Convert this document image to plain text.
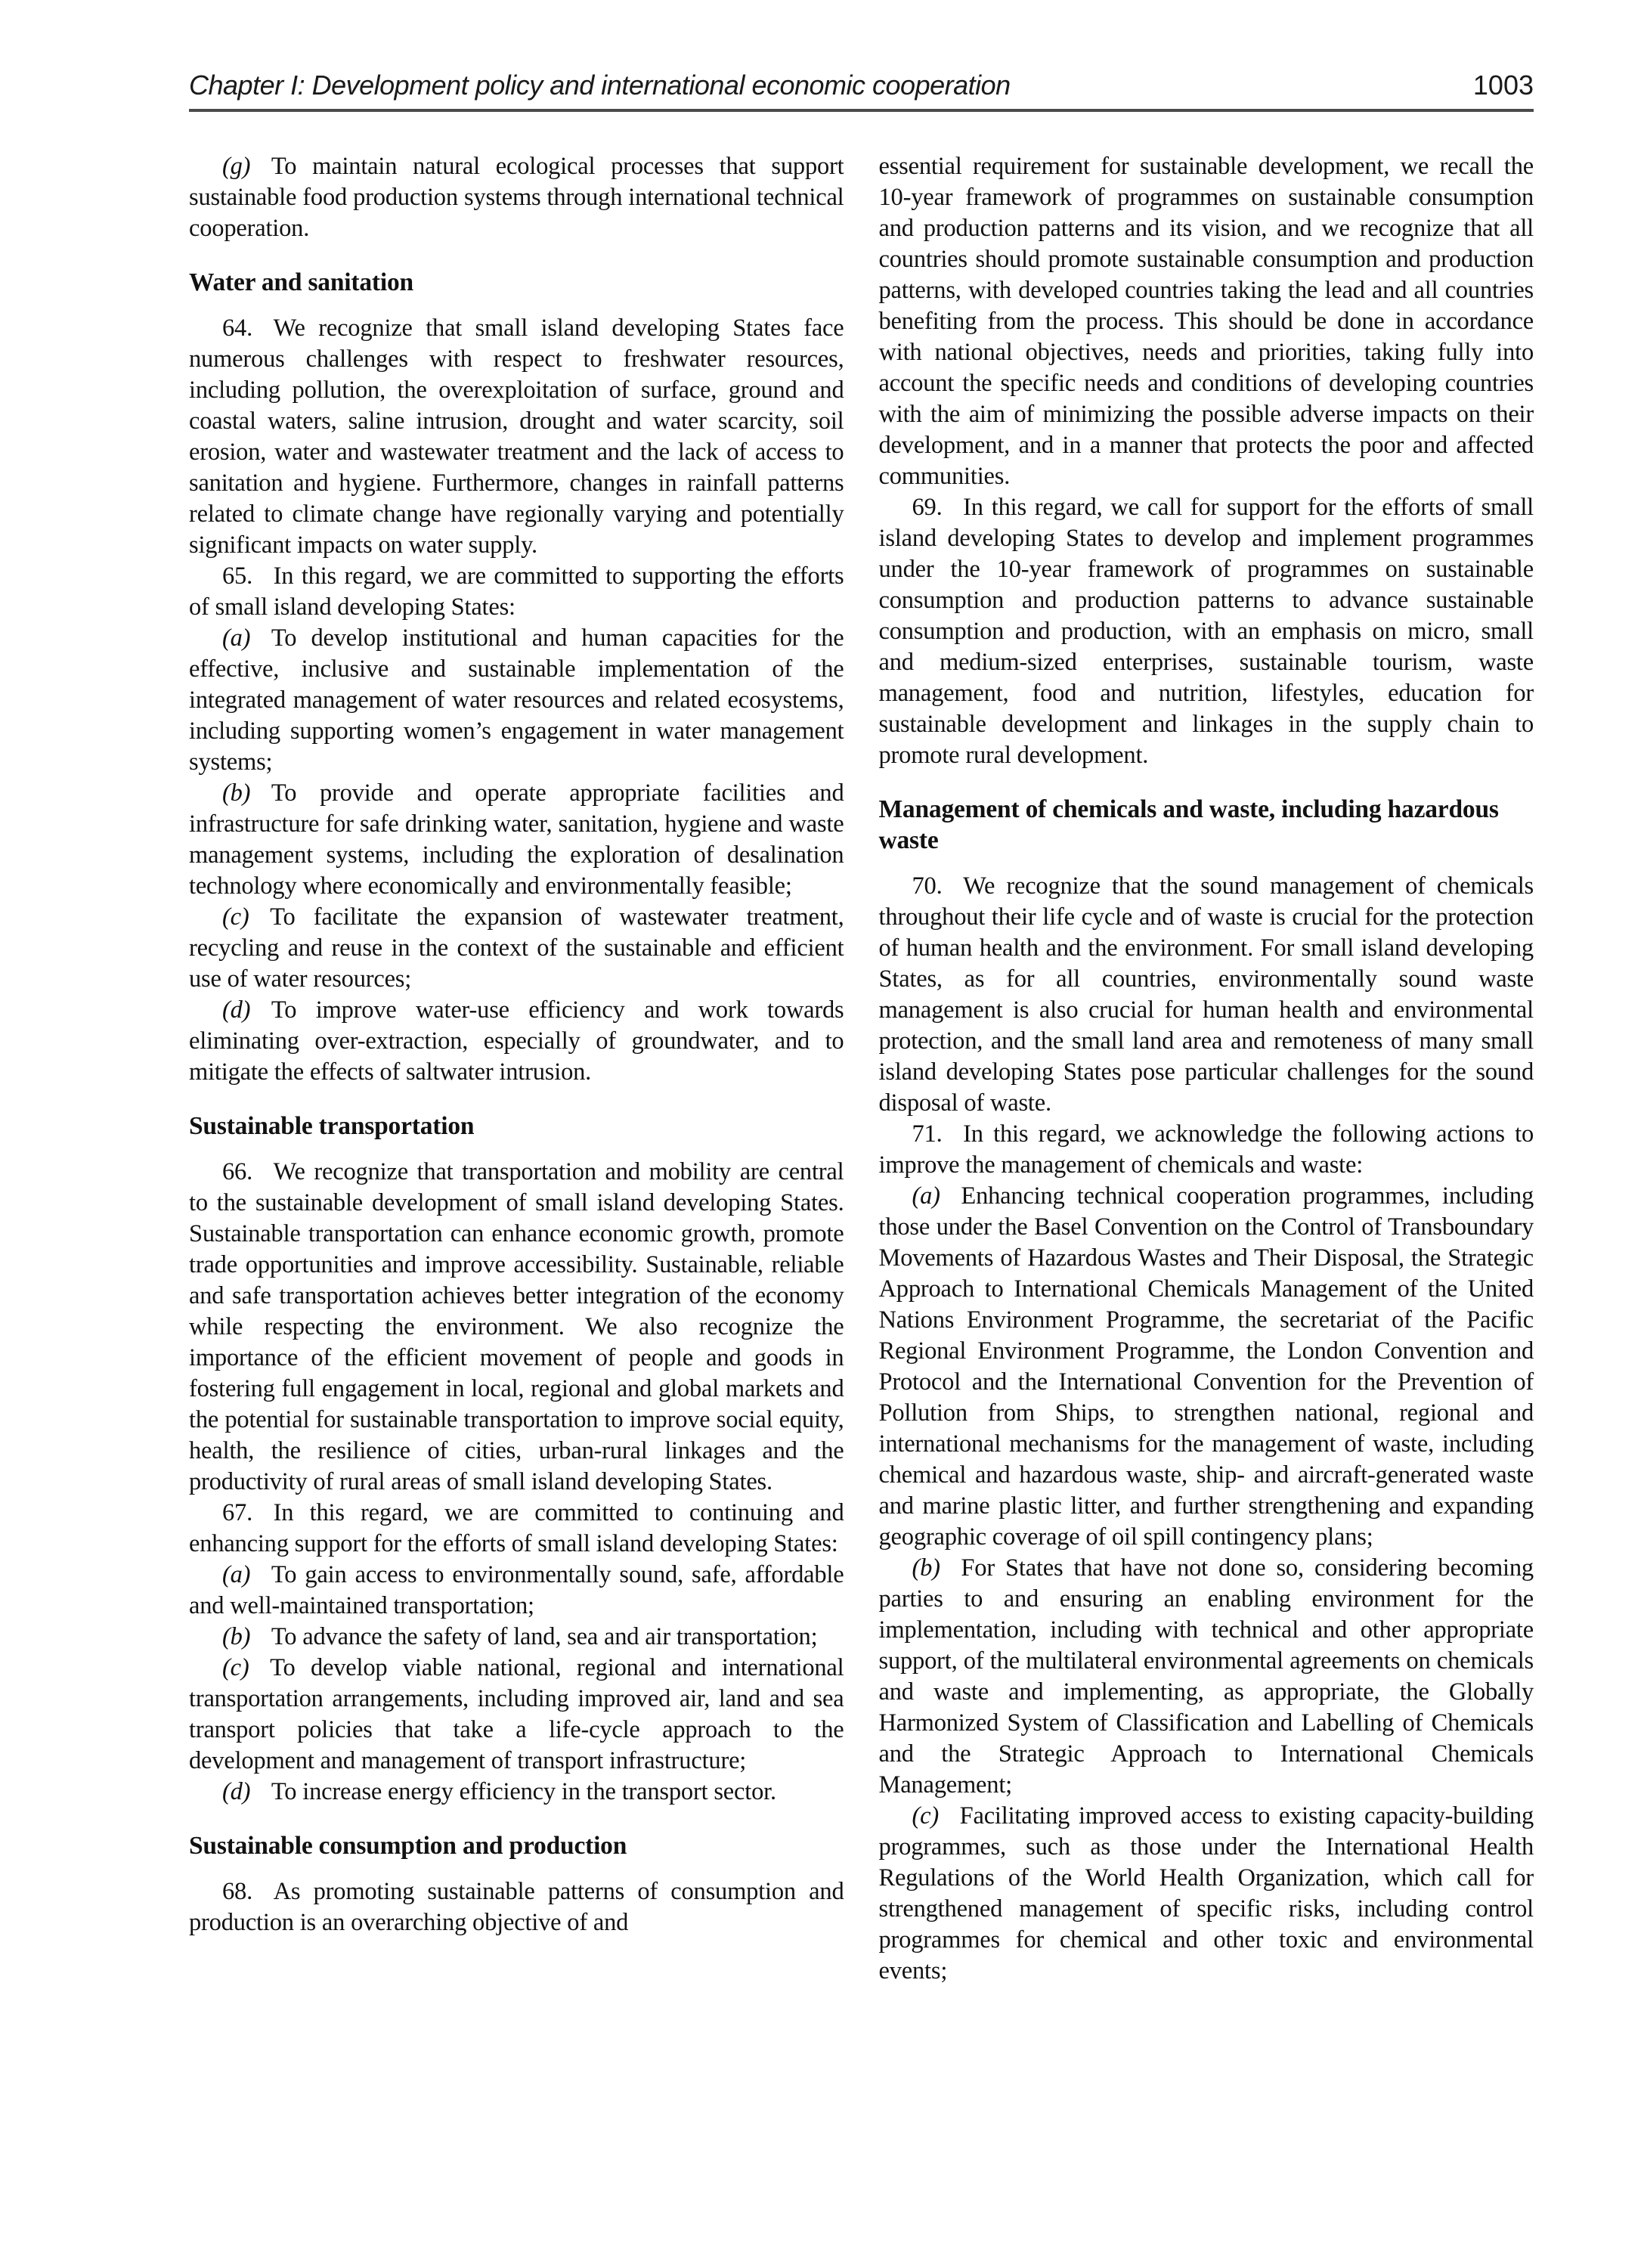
Chapter I: Development policy and international economic cooperation	1003

(g) To maintain natural ecological processes that support sustainable food production systems through international technical cooperation.

Water and sanitation

64. We recognize that small island developing States face numerous challenges with respect to freshwater resources, including pollution, the overexploitation of surface, ground and coastal waters, saline intrusion, drought and water scarcity, soil erosion, water and wastewater treatment and the lack of access to sanitation and hygiene. Furthermore, changes in rainfall patterns related to climate change have regionally varying and potentially significant impacts on water supply.

65. In this regard, we are committed to supporting the efforts of small island developing States:

(a) To develop institutional and human capacities for the effective, inclusive and sustainable implementation of the integrated management of water resources and related ecosystems, including supporting women’s engagement in water management systems;

(b) To provide and operate appropriate facilities and infrastructure for safe drinking water, sanitation, hygiene and waste management systems, including the exploration of desalination technology where economically and environmentally feasible;

(c) To facilitate the expansion of wastewater treatment, recycling and reuse in the context of the sustainable and efficient use of water resources;

(d) To improve water-use efficiency and work towards eliminating over-extraction, especially of groundwater, and to mitigate the effects of saltwater intrusion.

Sustainable transportation

66. We recognize that transportation and mobility are central to the sustainable development of small island developing States. Sustainable transportation can enhance economic growth, promote trade opportunities and improve accessibility. Sustainable, reliable and safe transportation achieves better integration of the economy while respecting the environment. We also recognize the importance of the efficient movement of people and goods in fostering full engagement in local, regional and global markets and the potential for sustainable transportation to improve social equity, health, the resilience of cities, urban-rural linkages and the productivity of rural areas of small island developing States.

67. In this regard, we are committed to continuing and enhancing support for the efforts of small island developing States:

(a) To gain access to environmentally sound, safe, affordable and well-maintained transportation;

(b) To advance the safety of land, sea and air transportation;

(c) To develop viable national, regional and international transportation arrangements, including improved air, land and sea transport policies that take a life-cycle approach to the development and management of transport infrastructure;

(d) To increase energy efficiency in the transport sector.

Sustainable consumption and production

68. As promoting sustainable patterns of consumption and production is an overarching objective of and

essential requirement for sustainable development, we recall the 10-year framework of programmes on sustainable consumption and production patterns and its vision, and we recognize that all countries should promote sustainable consumption and production patterns, with developed countries taking the lead and all countries benefiting from the process. This should be done in accordance with national objectives, needs and priorities, taking fully into account the specific needs and conditions of developing countries with the aim of minimizing the possible adverse impacts on their development, and in a manner that protects the poor and affected communities.

69. In this regard, we call for support for the efforts of small island developing States to develop and implement programmes under the 10-year framework of programmes on sustainable consumption and production patterns to advance sustainable consumption and production, with an emphasis on micro, small and medium-sized enterprises, sustainable tourism, waste management, food and nutrition, lifestyles, education for sustainable development and linkages in the supply chain to promote rural development.

Management of chemicals and waste, including hazardous waste

70. We recognize that the sound management of chemicals throughout their life cycle and of waste is crucial for the protection of human health and the environment. For small island developing States, as for all countries, environmentally sound waste management is also crucial for human health and environmental protection, and the small land area and remoteness of many small island developing States pose particular challenges for the sound disposal of waste.

71. In this regard, we acknowledge the following actions to improve the management of chemicals and waste:

(a) Enhancing technical cooperation programmes, including those under the Basel Convention on the Control of Transboundary Movements of Hazardous Wastes and Their Disposal, the Strategic Approach to International Chemicals Management of the United Nations Environment Programme, the secretariat of the Pacific Regional Environment Programme, the London Convention and Protocol and the International Convention for the Prevention of Pollution from Ships, to strengthen national, regional and international mechanisms for the management of waste, including chemical and hazardous waste, ship- and aircraft-generated waste and marine plastic litter, and further strengthening and expanding geographic coverage of oil spill contingency plans;

(b) For States that have not done so, considering becoming parties to and ensuring an enabling environment for the implementation, including with technical and other appropriate support, of the multilateral environmental agreements on chemicals and waste and implementing, as appropriate, the Globally Harmonized System of Classification and Labelling of Chemicals and the Strategic Approach to International Chemicals Management;

(c) Facilitating improved access to existing capacity-building programmes, such as those under the International Health Regulations of the World Health Organization, which call for strengthened management of specific risks, including control programmes for chemical and other toxic and environmental events;
